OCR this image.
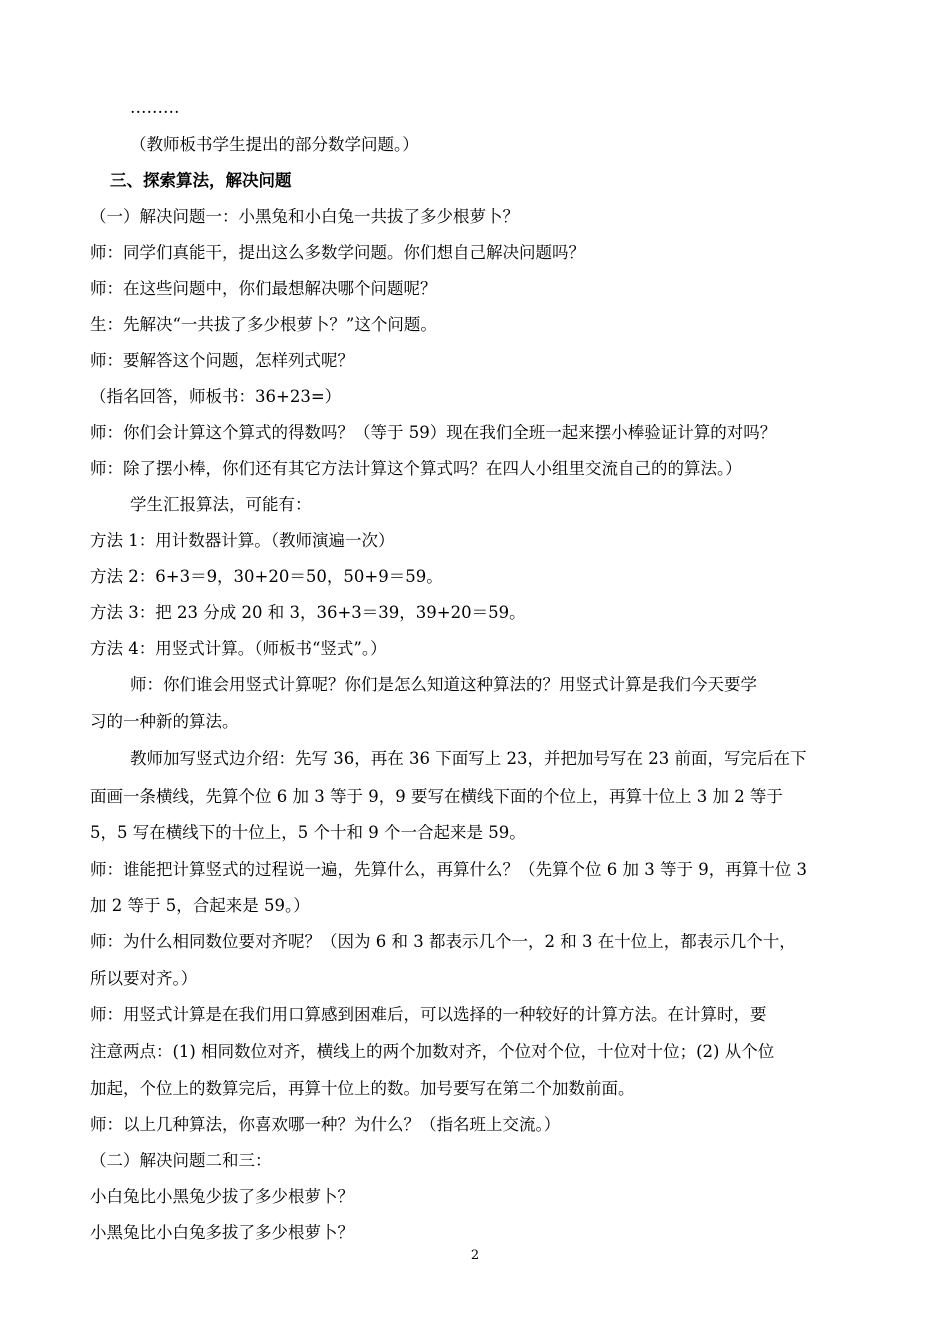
………
（教师板书学生提出的部分数学问题。）
三、探索算法，解决问题
（一）解决问题一：小黑兔和小白兔一共拔了多少根萝卜？
师：同学们真能干，提出这么多数学问题。你们想自己解决问题吗？
师：在这些问题中，你们最想解决哪个问题呢？
生：先解决“一共拔了多少根萝卜？”这个问题。
师：要解答这个问题，怎样列式呢？
（指名回答，师板书：36+23=）
师：你们会计算这个算式的得数吗？（等于 59）现在我们全班一起来摆小棒验证计算的对吗？
师：除了摆小棒，你们还有其它方法计算这个算式吗？在四人小组里交流自己的的算法。）
学生汇报算法，可能有：
方法 1：用计数器计算。（教师演遍一次）
方法 2：6+3＝9，30+20＝50，50+9＝59。
方法 3：把 23 分成 20 和 3，36+3＝39，39+20＝59。
方法 4：用竖式计算。（师板书“竖式”。）
师：你们谁会用竖式计算呢？你们是怎么知道这种算法的？用竖式计算是我们今天要学
习的一种新的算法。
教师加写竖式边介绍：先写 36，再在 36 下面写上 23，并把加号写在 23 前面，写完后在下
面画一条横线，先算个位 6 加 3 等于 9，9 要写在横线下面的个位上，再算十位上 3 加 2 等于
5，5 写在横线下的十位上，5 个十和 9 个一合起来是 59。
师：谁能把计算竖式的过程说一遍，先算什么，再算什么？（先算个位 6 加 3 等于 9，再算十位 3
加 2 等于 5，合起来是 59。）
师：为什么相同数位要对齐呢？（因为 6 和 3 都表示几个一，2 和 3 在十位上，都表示几个十，
所以要对齐。）
师：用竖式计算是在我们用口算感到困难后，可以选择的一种较好的计算方法。在计算时，要
注意两点：(1) 相同数位对齐，横线上的两个加数对齐，个位对个位，十位对十位；(2) 从个位
加起，个位上的数算完后，再算十位上的数。加号要写在第二个加数前面。
师：以上几种算法，你喜欢哪一种？为什么？（指名班上交流。）
（二）解决问题二和三：
小白兔比小黑兔少拔了多少根萝卜？
小黑兔比小白兔多拔了多少根萝卜？
2
